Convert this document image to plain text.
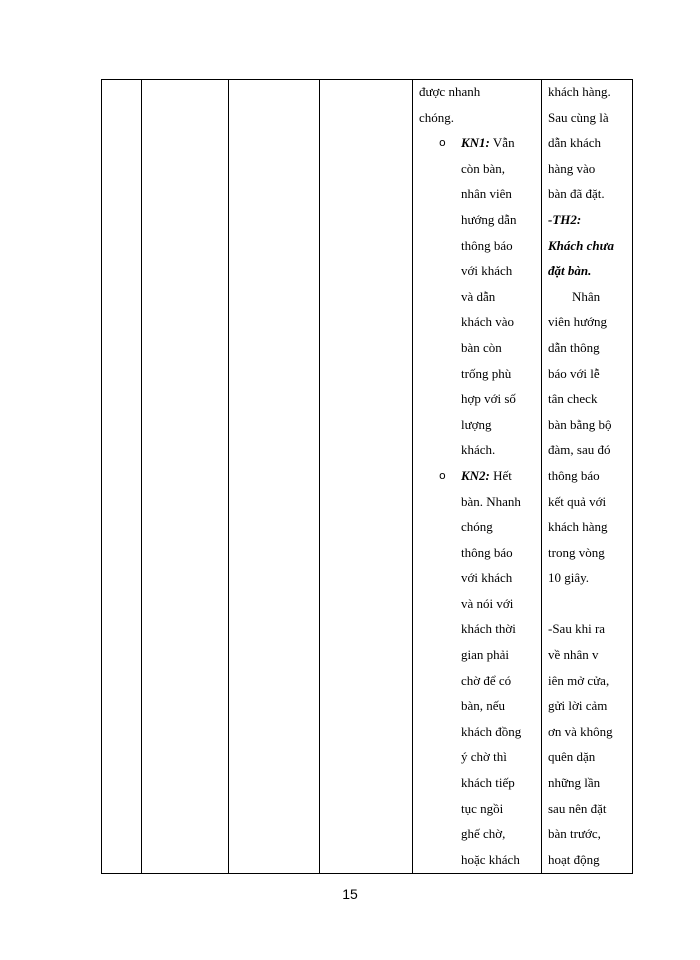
được nhanh
chóng.
o KN1: Vẫn
còn bàn,
nhân viên
hướng dẫn
thông báo
với khách
và dẫn
khách vào
bàn còn
trống phù
hợp với số
lượng
khách.
o KN2: Hết
bàn. Nhanh
chóng
thông báo
với khách
và nói với
khách thời
gian phải
chờ để có
bàn, nếu
khách đồng
ý chờ thì
khách tiếp
tục ngồi
ghế chờ,
hoặc khách
khách hàng.
Sau cùng là
dẫn khách
hàng vào
bàn đã đặt.
-TH2:
Khách chưa
đặt bàn.
Nhân
viên hướng
dẫn thông
báo với lễ
tân check
bàn bằng bộ
đàm, sau đó
thông báo
kết quả với
khách hàng
trong vòng
10 giây.
-Sau khi ra
về nhân v
iên mở cửa,
gửi lời cảm
ơn và không
quên dặn
những lần
sau nên đặt
bàn trước,
hoạt động
15
